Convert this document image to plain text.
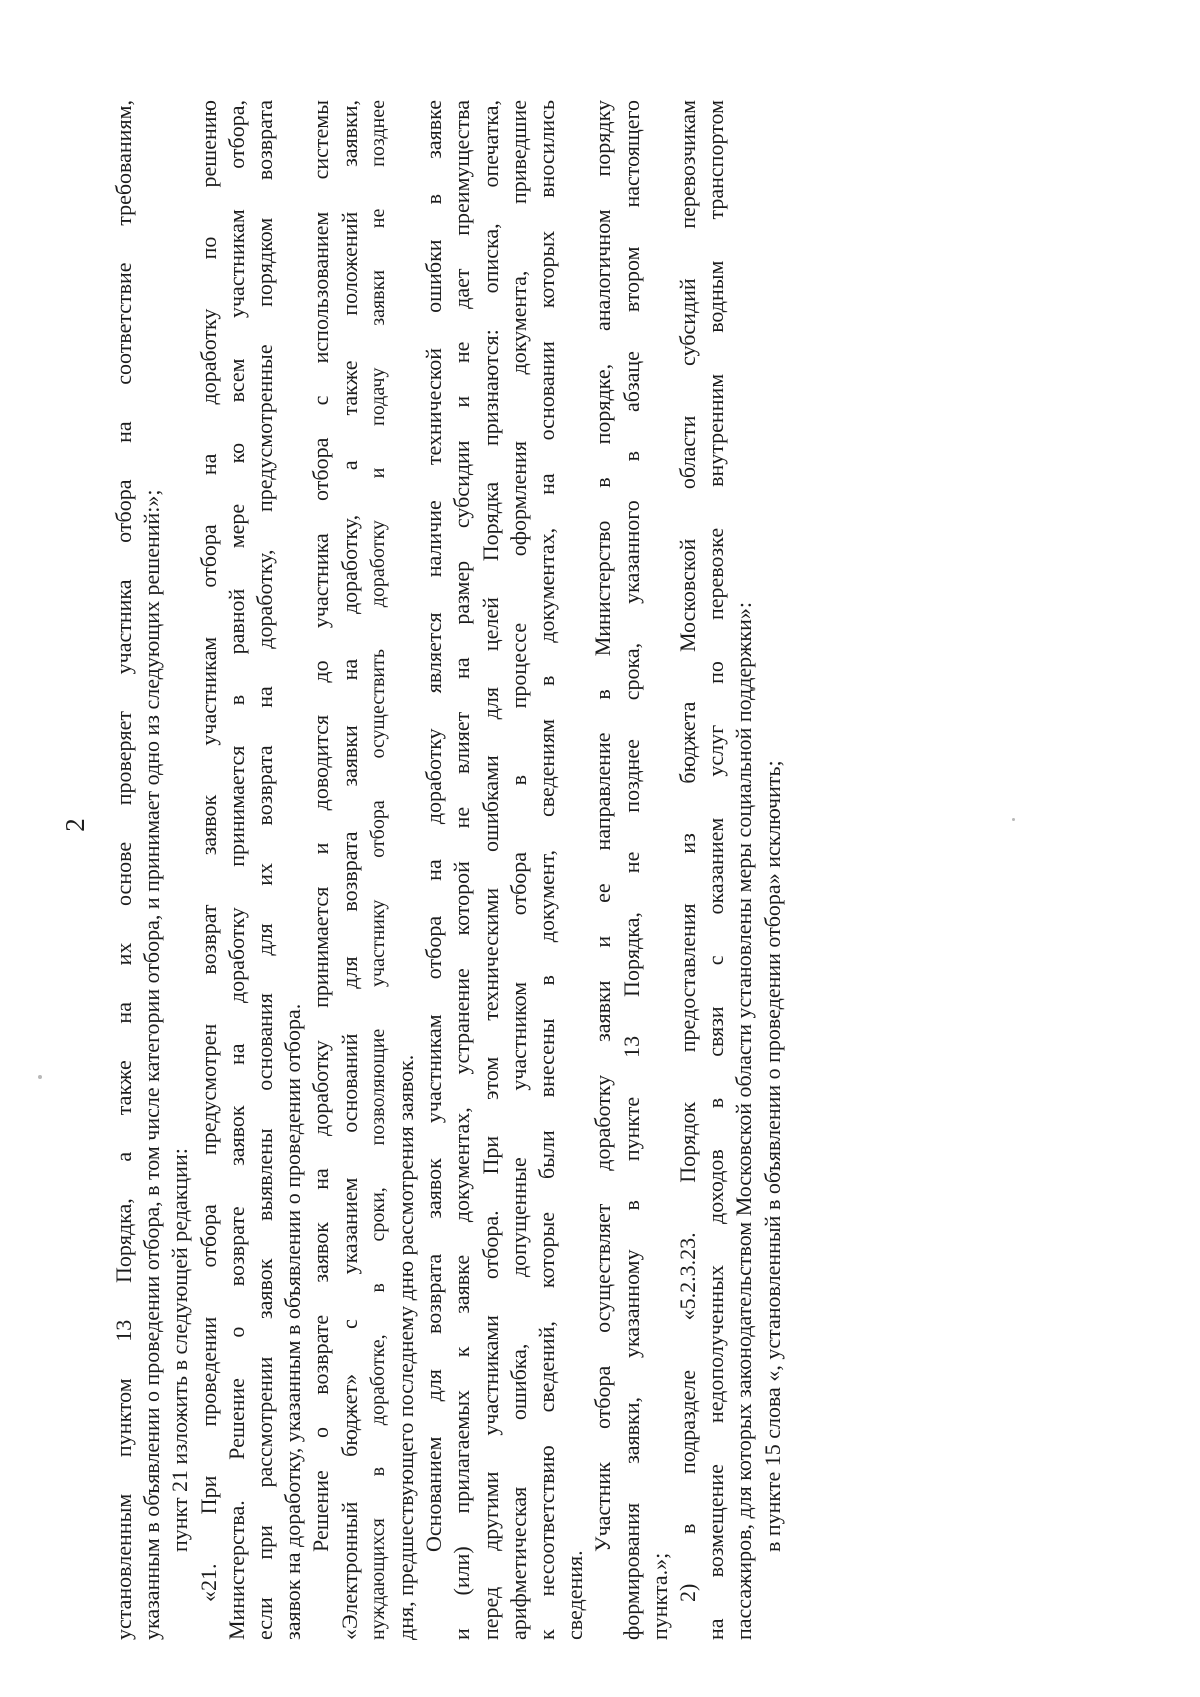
2 установленным пунктом 13 Порядка, а также на их основе проверяет участника отбора на соответствие требованиям, указанным в объявлении о проведении отбора, в том числе категории отбора, и принимает одно из следующих решений:»; пункт 21 изложить в следующей редакции: «21. При проведении отбора предусмотрен возврат заявок участникам отбора на доработку по решению Министерства. Решение о возврате заявок на доработку принимается в равной мере ко всем участникам отбора, если при рассмотрении заявок выявлены основания для их возврата на доработку, предусмотренные порядком возврата заявок на доработку, указанным в объявлении о проведении отбора. Решение о возврате заявок на доработку принимается и доводится до участника отбора с использованием системы «Электронный бюджет» с указанием оснований для возврата заявки на доработку, а также положений заявки, нуждающихся в доработке, в сроки, позволяющие участнику отбора осуществить доработку и подачу заявки не позднее дня, предшествующего последнему дню рассмотрения заявок. Основанием для возврата заявок участникам отбора на доработку является наличие технической ошибки в заявке и (или) прилагаемых к заявке документах, устранение которой не влияет на размер субсидии и не дает преимущества перед другими участниками отбора. При этом техническими ошибками для целей Порядка признаются: описка, опечатка, арифметическая ошибка, допущенные участником отбора в процессе оформления документа, приведшие к несоответствию сведений, которые были внесены в документ, сведениям в документах, на основании которых вносились сведения.
Участник отбора осуществляет доработку заявки и ее направление в Министерство в порядке, аналогичном порядку формирования заявки, указанному в пункте 13 Порядка, не позднее срока, указанного в абзаце втором настоящего пункта.»; 2) в подразделе «5.2.3.23. Порядок предоставления из бюджета Московской области субсидий перевозчикам на возмещение недополученных доходов в связи с оказанием услуг по перевозке внутренним водным транспортом пассажиров, для которых законодательством Московской области установлены меры социальной поддержки»: в пункте 15 слова «, установленный в объявлении о проведении отбора» исключить;
